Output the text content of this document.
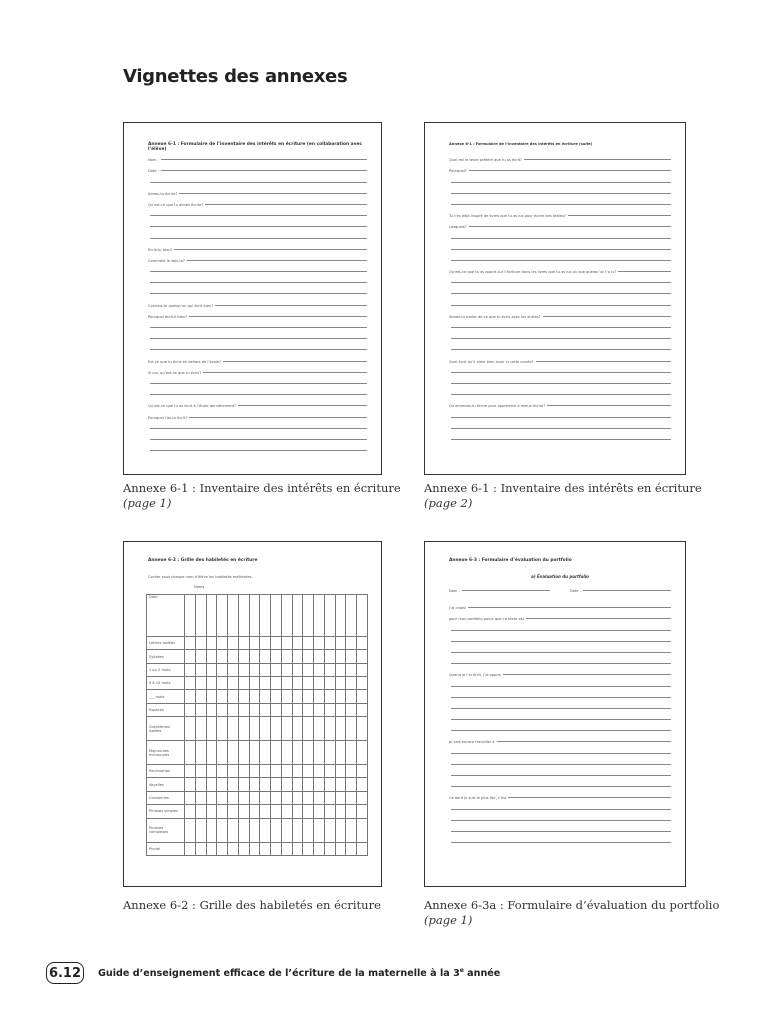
Vignettes des annexes
Annexe 6-1 : Formulaire de l’inventaire des intérêts en écriture (en collaboration avec l’élève)
Nom :
Date :
Aimes-tu écrire?
Qu’est-ce que tu aimes écrire?
Écris-tu bien?
Comment le sais-tu?
Connais-tu quelqu’un qui écrit bien?
Pourquoi écrit-il bien?
Est-ce que tu écris en dehors de l’école?
Si oui, qu’est-ce que tu écris?
Qu’est-ce que tu as écrit à l’école dernièrement?
Pourquoi l’as-tu écrit?
Annexe 6-1 : Inventaire des intérêts en écriture
(page 1)
Annexe 6-1 : Formulaire de l’inventaire des intérêts en écriture (suite)
Quel est le texte préféré que tu as écrit?
Pourquoi?
Tu t’es déjà inspiré de livres que tu as lus pour écrire des textes?
Lesquels?
Qu’est-ce que tu as appris sur l’écriture dans les livres que tu as lus ou que quelqu’un t’a lu?
Aimes-tu parler de ce que tu écris avec les autres?
Quel écrit qu’il aime bien avoir lu cette année?
Qu’aimerais-tu écrire pour apprendre à mieux écrire?
Annexe 6-1 : Inventaire des intérêts en écriture
(page 2)
Annexe 6-2 : Grille des habiletés en écriture
Cocher sous chaque nom d’élève les habiletés maîtrisées.
Noms
Date																	
Lettres isolées																	
Syllabes																	
1 ou 2 mots																	
3 à 10 mots																	
___ mots																	
Espaces																	
Graphèmes isolées																	
Majuscules minuscules																	
Ponctuation																	
Voyelles																	
Consonnes																	
Phrases simples																	
Phrases complexes																	
Pluriel																	
Annexe 6-2 : Grille des habiletés en écriture
Annexe 6-3 : Formulaire d’évaluation du portfolio
a) Évaluation du portfolio
Nom :	Date :
J’ai choisi
pour mon portfolio parce que ce texte est
Quand je l’ai écrit, j’ai appris
Je vais encore travailler à
Ce dont je suis le plus fier, c’est
Annexe 6-3a : Formulaire d’évaluation du portfolio
(page 1)
6.12	Guide d’enseignement efficace de l’écriture de la maternelle à la 3e année
